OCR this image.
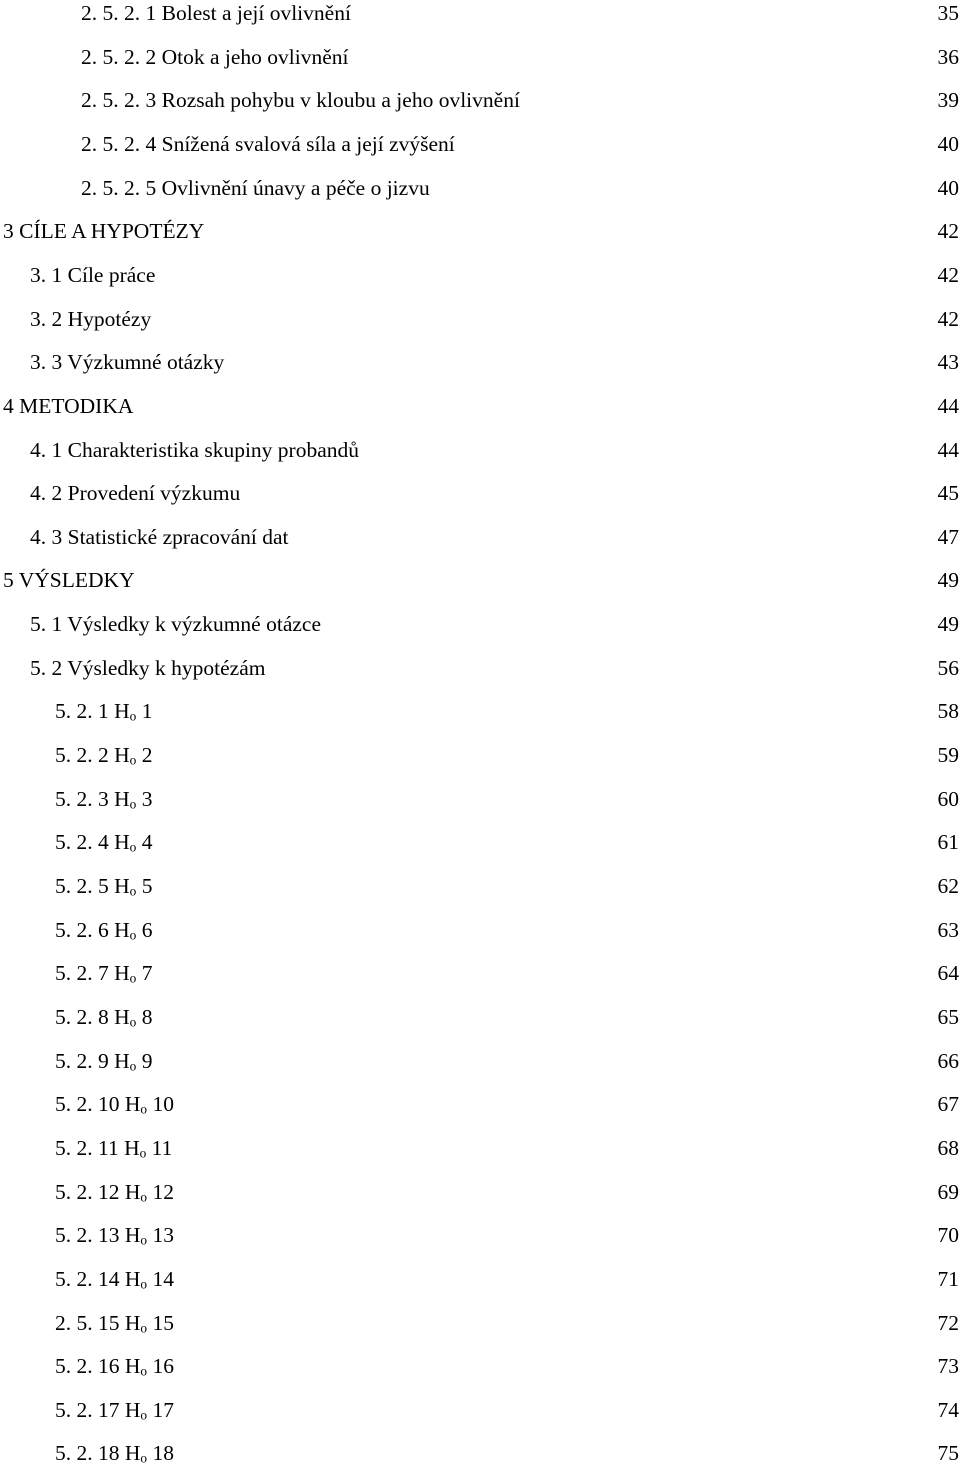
2. 5. 2. 1 Bolest a její ovlivnění	35
2. 5. 2. 2 Otok a jeho ovlivnění	36
2. 5. 2. 3 Rozsah pohybu v kloubu a jeho ovlivnění	39
2. 5. 2. 4 Snížená svalová síla a její zvýšení	40
2. 5. 2. 5 Ovlivnění únavy a péče o jizvu	40
3 CÍLE A HYPOTÉZY	42
3. 1 Cíle práce	42
3. 2 Hypotézy	42
3. 3 Výzkumné otázky	43
4 METODIKA	44
4. 1 Charakteristika skupiny probandů	44
4. 2 Provedení výzkumu	45
4. 3 Statistické zpracování dat	47
5 VÝSLEDKY	49
5. 1 Výsledky k výzkumné otázce	49
5. 2 Výsledky k hypotézám	56
5. 2. 1 $H_o$ 1	58
5. 2. 2 $H_o$ 2	59
5. 2. 3 $H_o$ 3	60
5. 2. 4 $H_o$ 4	61
5. 2. 5 $H_o$ 5	62
5. 2. 6 $H_o$ 6	63
5. 2. 7 $H_o$ 7	64
5. 2. 8 $H_o$ 8	65
5. 2. 9 $H_o$ 9	66
5. 2. 10 $H_o$ 10	67
5. 2. 11 $H_o$ 11	68
5. 2. 12 $H_o$ 12	69
5. 2. 13 $H_o$ 13	70
5. 2. 14 $H_o$ 14	71
2. 5. 15 $H_o$ 15	72
5. 2. 16 $H_o$ 16	73
5. 2. 17 $H_o$ 17	74
5. 2. 18 $H_o$ 18	75
